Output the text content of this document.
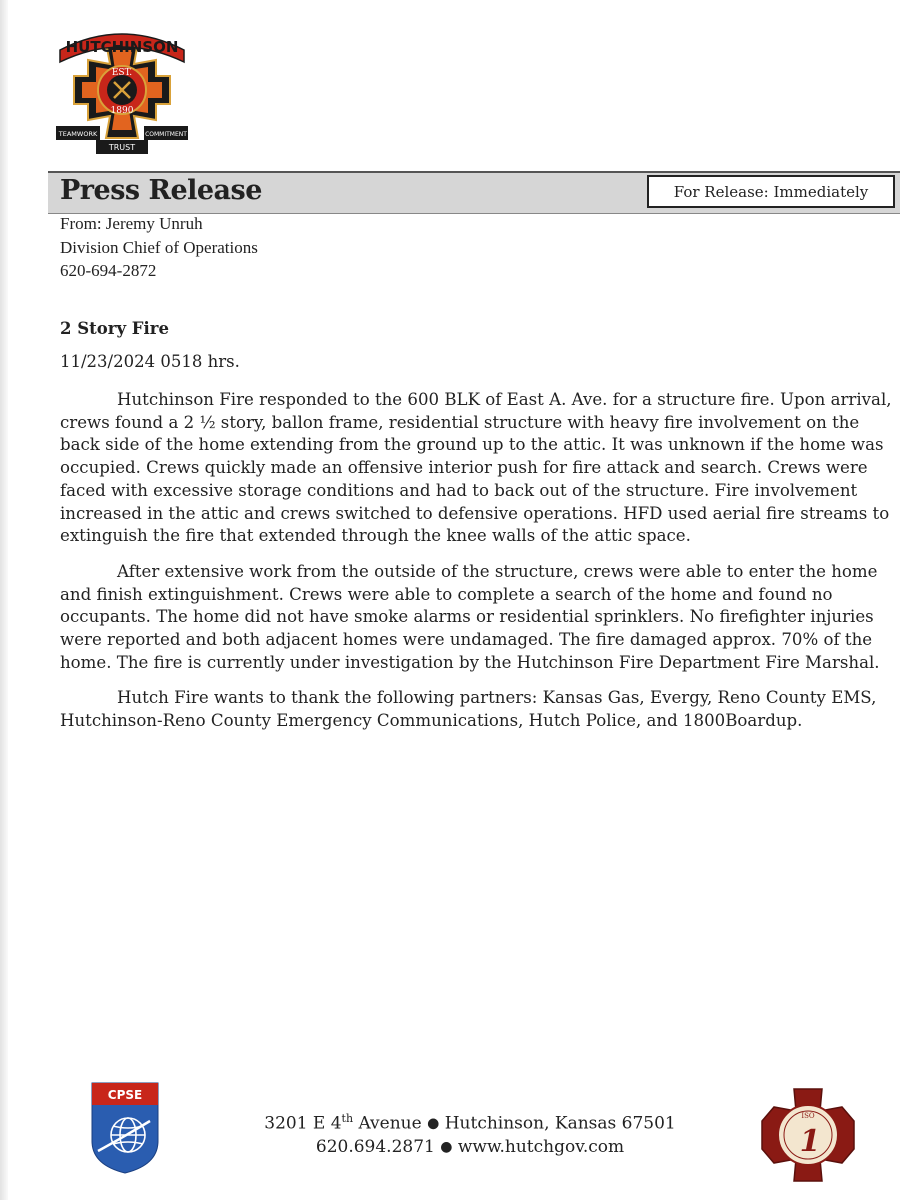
HUTCHINSON
EST.
1890
TEAMWORK	COMMITMENT
TRUST
Press Release	For Release: Immediately
From: Jeremy Unruh
Division Chief of Operations
620-694-2872
2 Story Fire
11/23/2024 0518 hrs.

Hutchinson Fire responded to the 600 BLK of East A. Ave. for a structure fire. Upon arrival, crews found a 2 ½ story, ballon frame, residential structure with heavy fire involvement on the back side of the home extending from the ground up to the attic. It was unknown if the home was occupied. Crews quickly made an offensive interior push for fire attack and search. Crews were faced with excessive storage conditions and had to back out of the structure. Fire involvement increased in the attic and crews switched to defensive operations. HFD used aerial fire streams to extinguish the fire that extended through the knee walls of the attic space.

After extensive work from the outside of the structure, crews were able to enter the home and finish extinguishment. Crews were able to complete a search of the home and found no occupants. The home did not have smoke alarms or residential sprinklers. No firefighter injuries were reported and both adjacent homes were undamaged. The fire damaged approx. 70% of the home. The fire is currently under investigation by the Hutchinson Fire Department Fire Marshal.

Hutch Fire wants to thank the following partners: Kansas Gas, Evergy, Reno County EMS, Hutchinson-Reno County Emergency Communications, Hutch Police, and 1800Boardup.

CPSE
3201 E 4th Avenue ● Hutchinson, Kansas 67501
620.694.2871 ● www.hutchgov.com
ISO
1
